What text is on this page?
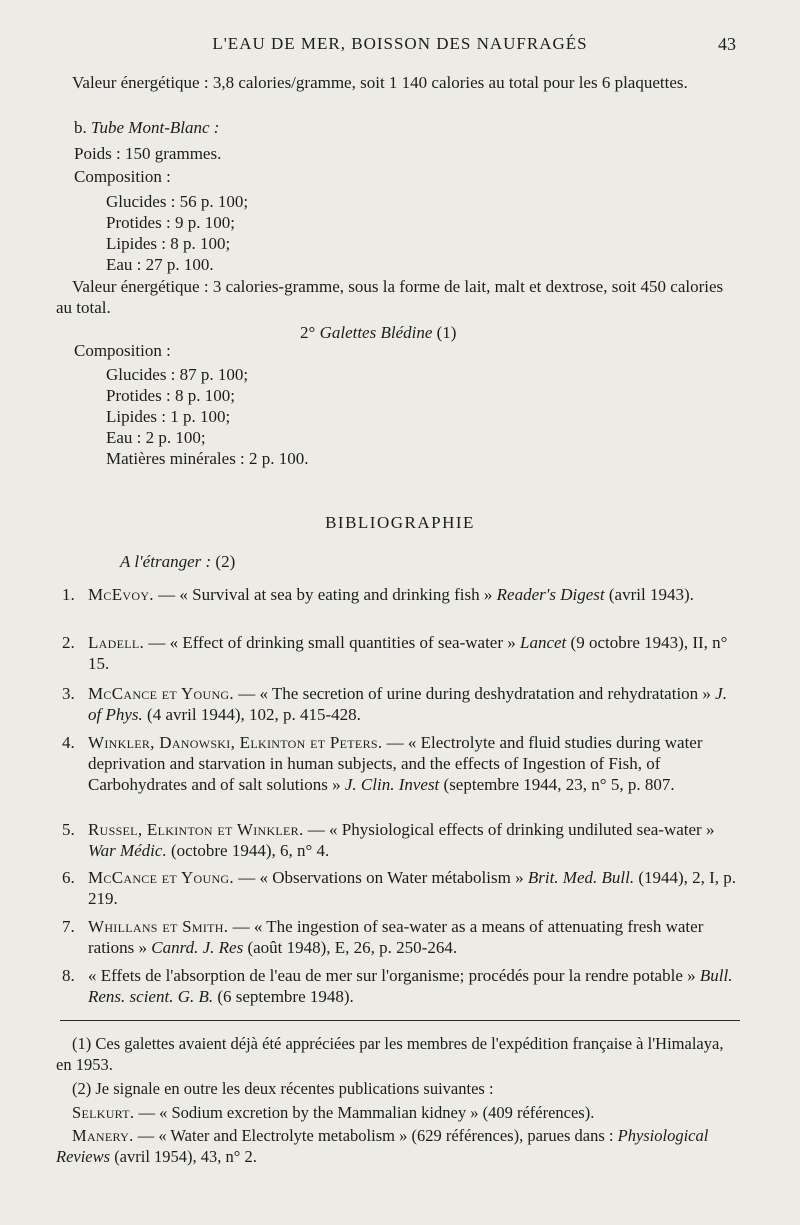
L'EAU DE MER, BOISSON DES NAUFRAGÉS	43
Valeur énergétique : 3,8 calories/gramme, soit 1 140 calories au total pour les 6 plaquettes.
b. Tube Mont-Blanc :
Poids : 150 grammes.
Composition :
Glucides : 56 p. 100;
Protides : 9 p. 100;
Lipides : 8 p. 100;
Eau : 27 p. 100.
Valeur énergétique : 3 calories-gramme, sous la forme de lait, malt et dextrose, soit 450 calories au total.
2° Galettes Blédine (1)
Composition :
Glucides : 87 p. 100;
Protides : 8 p. 100;
Lipides : 1 p. 100;
Eau : 2 p. 100;
Matières minérales : 2 p. 100.
BIBLIOGRAPHIE
A l'étranger : (2)
1. McEvoy. — « Survival at sea by eating and drinking fish » Reader's Digest (avril 1943).
2. Ladell. — « Effect of drinking small quantities of sea-water » Lancet (9 octobre 1943), II, n° 15.
3. McCance et Young. — « The secretion of urine during deshydratation and rehydratation » J. of Phys. (4 avril 1944), 102, p. 415-428.
4. Winkler, Danowski, Elkinton et Peters. — « Electrolyte and fluid studies during water deprivation and starvation in human subjects, and the effects of Ingestion of Fish, of Carbohydrates and of salt solutions » J. Clin. Invest (septembre 1944, 23, n° 5, p. 807.
5. Russel, Elkinton et Winkler. — « Physiological effects of drinking undiluted sea-water » War Médic. (octobre 1944), 6, n° 4.
6. McCance et Young. — « Observations on Water métabolism » Brit. Med. Bull. (1944), 2, I, p. 219.
7. Whillans et Smith. — « The ingestion of sea-water as a means of attenuating fresh water rations » Canrd. J. Res (août 1948), E, 26, p. 250-264.
8. « Effets de l'absorption de l'eau de mer sur l'organisme; procédés pour la rendre potable » Bull. Rens. scient. G. B. (6 septembre 1948).
(1) Ces galettes avaient déjà été appréciées par les membres de l'expédition française à l'Himalaya, en 1953.
(2) Je signale en outre les deux récentes publications suivantes :
Selkurt. — « Sodium excretion by the Mammalian kidney » (409 références).
Manery. — « Water and Electrolyte metabolism » (629 références), parues dans : Physiological Reviews (avril 1954), 43, n° 2.
